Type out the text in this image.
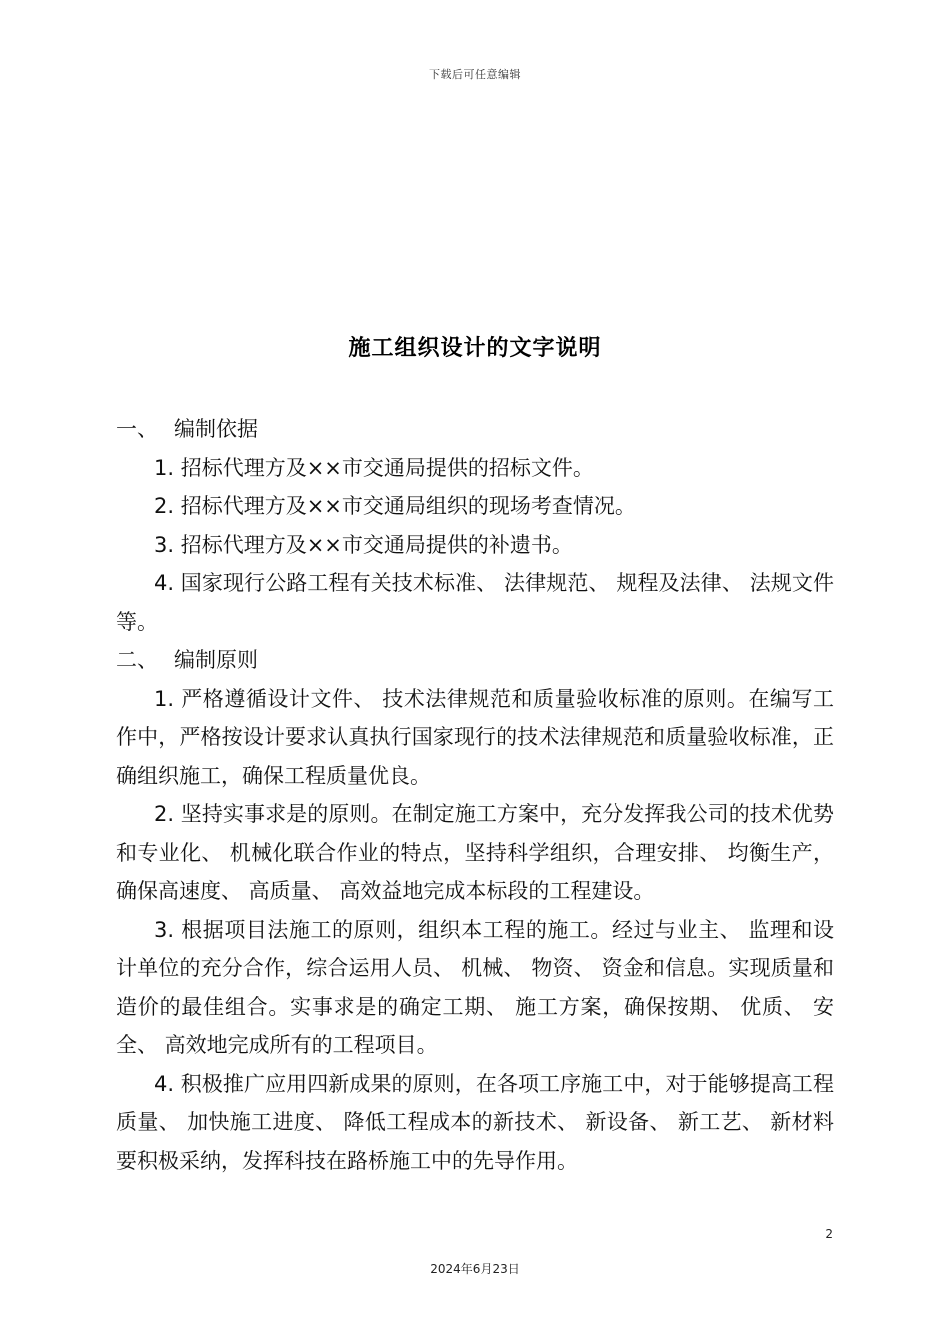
下载后可任意编辑
施工组织设计的文字说明

一、 编制依据

1. 招标代理方及××市交通局提供的招标文件。

2. 招标代理方及××市交通局组织的现场考查情况。

3. 招标代理方及××市交通局提供的补遗书。

4. 国家现行公路工程有关技术标准、 法律规范、 规程及法律、 法规文件等。

二、 编制原则

1. 严格遵循设计文件、 技术法律规范和质量验收标准的原则。在编写工作中，严格按设计要求认真执行国家现行的技术法律规范和质量验收标准，正确组织施工，确保工程质量优良。

2. 坚持实事求是的原则。在制定施工方案中，充分发挥我公司的技术优势和专业化、 机械化联合作业的特点，坚持科学组织，合理安排、 均衡生产，确保高速度、 高质量、 高效益地完成本标段的工程建设。

3. 根据项目法施工的原则，组织本工程的施工。经过与业主、 监理和设计单位的充分合作，综合运用人员、 机械、 物资、 资金和信息。实现质量和造价的最佳组合。实事求是的确定工期、 施工方案，确保按期、 优质、 安全、 高效地完成所有的工程项目。

4. 积极推广应用四新成果的原则，在各项工序施工中，对于能够提高工程质量、 加快施工进度、 降低工程成本的新技术、 新设备、 新工艺、 新材料要积极采纳，发挥科技在路桥施工中的先导作用。

2
2024年6月23日
